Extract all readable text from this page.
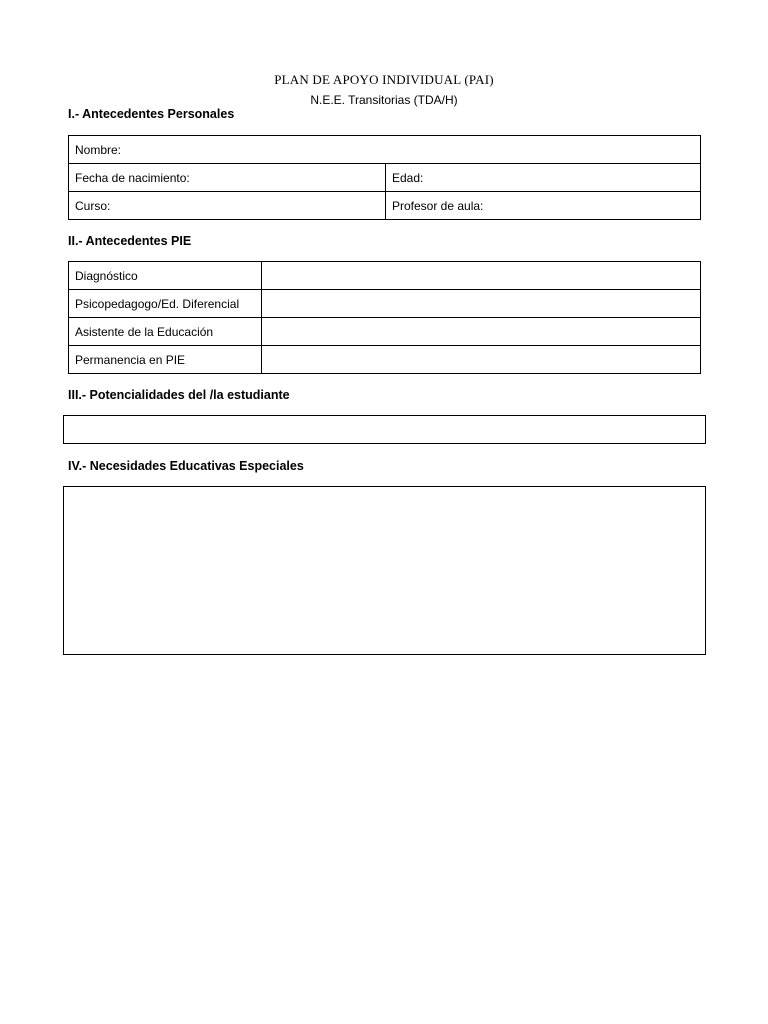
PLAN DE APOYO INDIVIDUAL (PAI)
N.E.E. Transitorias (TDA/H)
I.- Antecedentes Personales
Nombre:	
Fecha de nacimiento:	Edad:
Curso:	Profesor de aula:
II.- Antecedentes PIE
Diagnóstico	
Psicopedagogo/Ed. Diferencial	
Asistente de la Educación	
Permanencia en PIE	
III.- Potencialidades del /la estudiante
IV.- Necesidades Educativas Especiales
